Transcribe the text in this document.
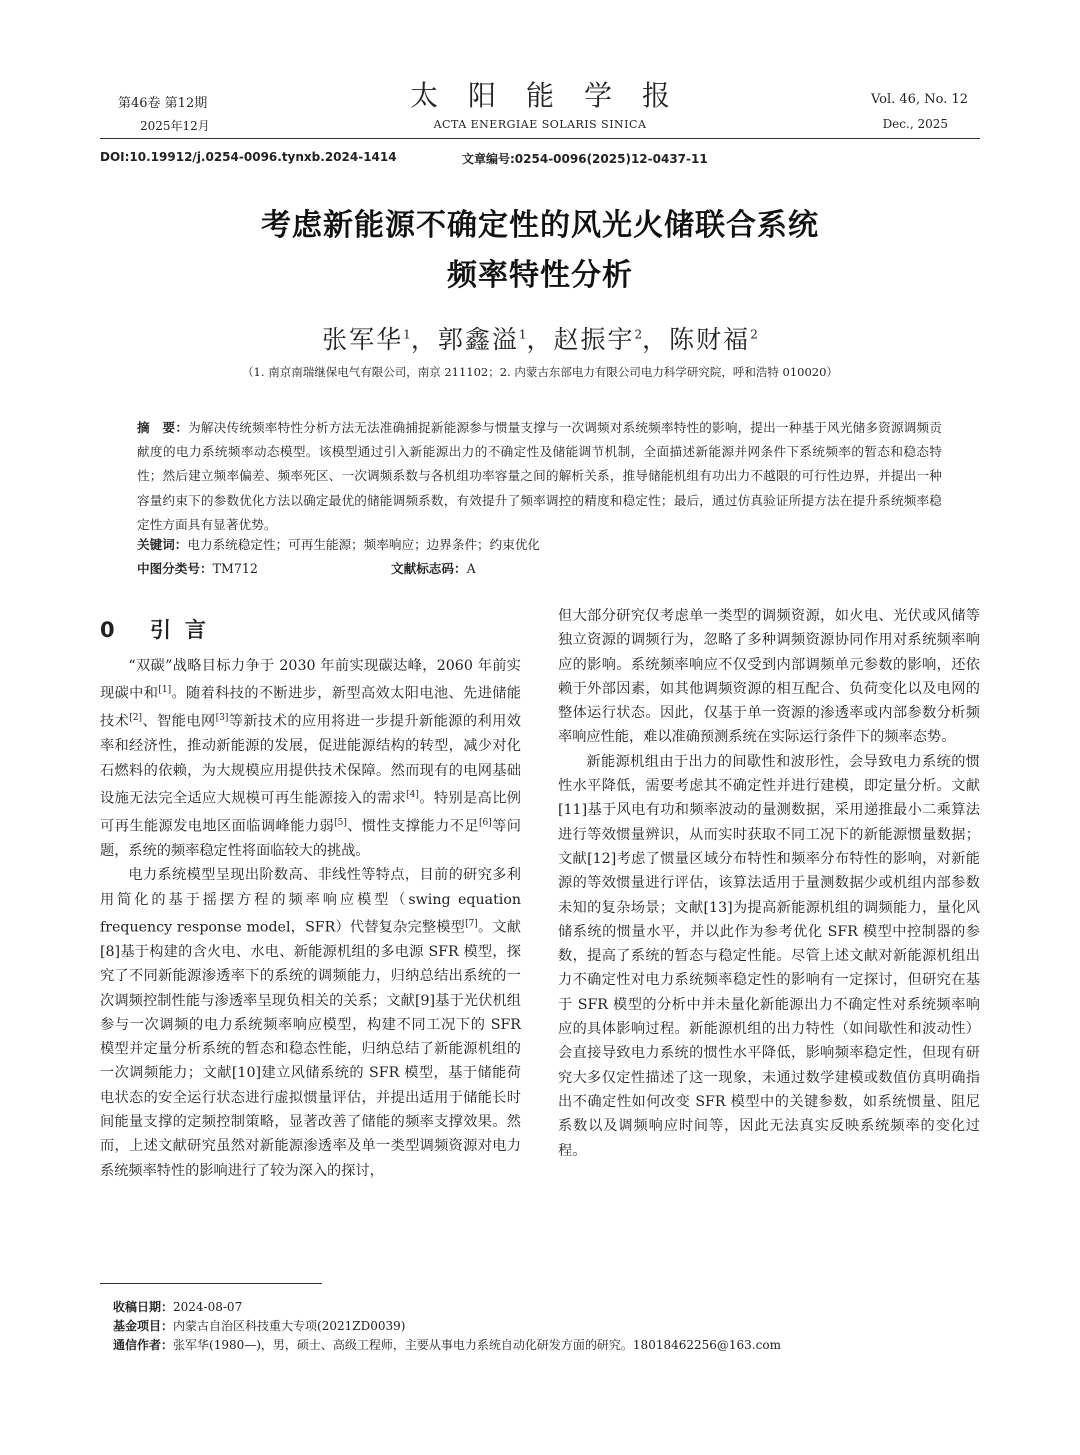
第46卷 第12期
2025年12月
太阳能学报
ACTA ENERGIAE SOLARIS SINICA
Vol. 46, No. 12
Dec., 2025
DOI:10.19912/j.0254-0096.tynxb.2024-1414	文章编号:0254-0096(2025)12-0437-11
考虑新能源不确定性的风光火储联合系统
频率特性分析
张军华$^1$，郭鑫溢$^1$，赵振宇$^2$，陈财福$^2$
（1. 南京南瑞继保电气有限公司，南京 211102；2. 内蒙古东部电力有限公司电力科学研究院，呼和浩特 010020）
摘　要：为解决传统频率特性分析方法无法准确捕捉新能源参与惯量支撑与一次调频对系统频率特性的影响，提出一种基于风光储多资源调频贡献度的电力系统频率动态模型。该模型通过引入新能源出力的不确定性及储能调节机制，全面描述新能源并网条件下系统频率的暂态和稳态特性；然后建立频率偏差、频率死区、一次调频系数与各机组功率容量之间的解析关系，推导储能机组有功出力不越限的可行性边界，并提出一种容量约束下的参数优化方法以确定最优的储能调频系数，有效提升了频率调控的精度和稳定性；最后，通过仿真验证所提方法在提升系统频率稳定性方面具有显著优势。
关键词：电力系统稳定性；可再生能源；频率响应；边界条件；约束优化
中图分类号：TM712	文献标志码：A
0 引言

“双碳”战略目标力争于 2030 年前实现碳达峰，2060 年前实现碳中和[1]。随着科技的不断进步，新型高效太阳电池、先进储能技术[2]、智能电网[3]等新技术的应用将进一步提升新能源的利用效率和经济性，推动新能源的发展，促进能源结构的转型，减少对化石燃料的依赖，为大规模应用提供技术保障。然而现有的电网基础设施无法完全适应大规模可再生能源接入的需求[4]。特别是高比例可再生能源发电地区面临调峰能力弱[5]、惯性支撑能力不足[6]等问题，系统的频率稳定性将面临较大的挑战。

电力系统模型呈现出阶数高、非线性等特点，目前的研究多利用简化的基于摇摆方程的频率响应模型（swing equation frequency response model，SFR）代替复杂完整模型[7]。文献[8]基于构建的含火电、水电、新能源机组的多电源 SFR 模型，探究了不同新能源渗透率下的系统的调频能力，归纳总结出系统的一次调频控制性能与渗透率呈现负相关的关系；文献[9]基于光伏机组参与一次调频的电力系统频率响应模型，构建不同工况下的 SFR 模型并定量分析系统的暂态和稳态性能，归纳总结了新能源机组的一次调频能力；文献[10]建立风储系统的 SFR 模型，基于储能荷电状态的安全运行状态进行虚拟惯量评估，并提出适用于储能长时间能量支撑的定频控制策略，显著改善了储能的频率支撑效果。然而，上述文献研究虽然对新能源渗透率及单一类型调频资源对电力系统频率特性的影响进行了较为深入的探讨，

但大部分研究仅考虑单一类型的调频资源，如火电、光伏或风储等独立资源的调频行为，忽略了多种调频资源协同作用对系统频率响应的影响。系统频率响应不仅受到内部调频单元参数的影响，还依赖于外部因素，如其他调频资源的相互配合、负荷变化以及电网的整体运行状态。因此，仅基于单一资源的渗透率或内部参数分析频率响应性能，难以准确预测系统在实际运行条件下的频率态势。

新能源机组由于出力的间歇性和波形性，会导致电力系统的惯性水平降低，需要考虑其不确定性并进行建模，即定量分析。文献[11]基于风电有功和频率波动的量测数据，采用递推最小二乘算法进行等效惯量辨识，从而实时获取不同工况下的新能源惯量数据；文献[12]考虑了惯量区域分布特性和频率分布特性的影响，对新能源的等效惯量进行评估，该算法适用于量测数据少或机组内部参数未知的复杂场景；文献[13]为提高新能源机组的调频能力，量化风储系统的惯量水平，并以此作为参考优化 SFR 模型中控制器的参数，提高了系统的暂态与稳定性能。尽管上述文献对新能源机组出力不确定性对电力系统频率稳定性的影响有一定探讨，但研究在基于 SFR 模型的分析中并未量化新能源出力不确定性对系统频率响应的具体影响过程。新能源机组的出力特性（如间歇性和波动性）会直接导致电力系统的惯性水平降低，影响频率稳定性，但现有研究大多仅定性描述了这一现象，未通过数学建模或数值仿真明确指出不确定性如何改变 SFR 模型中的关键参数，如系统惯量、阻尼系数以及调频响应时间等，因此无法真实反映系统频率的变化过程。

收稿日期：2024-08-07
基金项目：内蒙古自治区科技重大专项(2021ZD0039)
通信作者：张军华(1980—)，男，硕士、高级工程师，主要从事电力系统自动化研发方面的研究。18018462256@163.com
